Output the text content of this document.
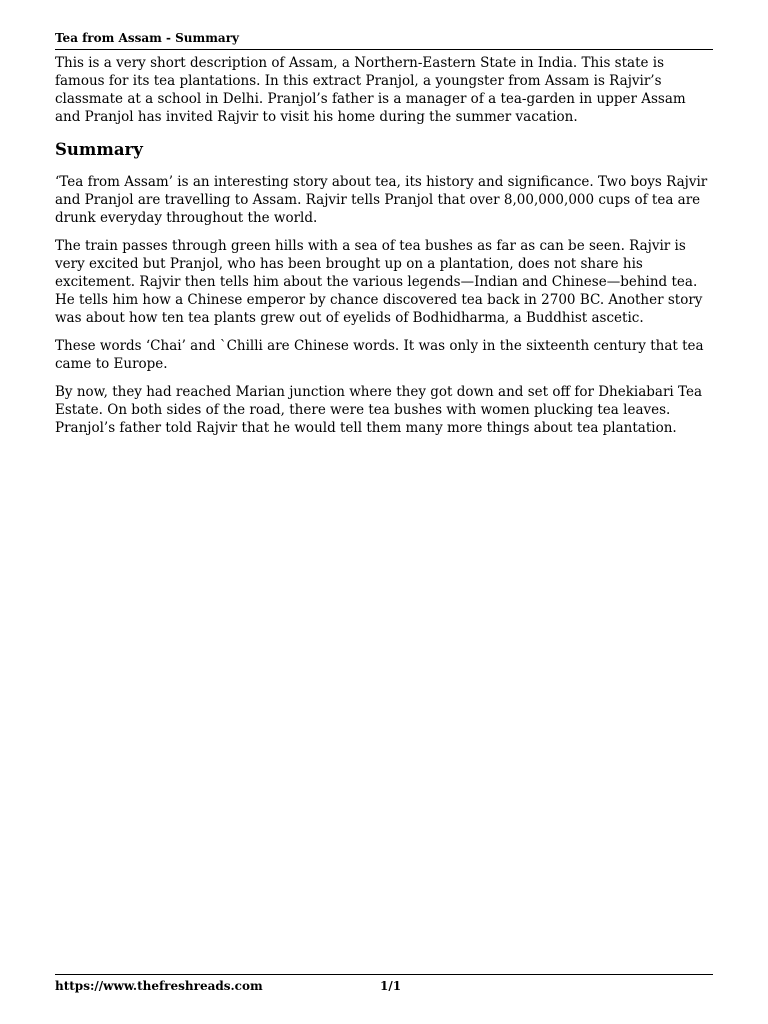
Tea from Assam - Summary

This is a very short description of Assam, a Northern-Eastern State in India. This state is famous for its tea plantations. In this extract Pranjol, a youngster from Assam is Rajvir’s classmate at a school in Delhi. Pranjol’s father is a manager of a tea-garden in upper Assam and Pranjol has invited Rajvir to visit his home during the summer vacation.

Summary

‘Tea from Assam’ is an interesting story about tea, its history and significance. Two boys Rajvir and Pranjol are travelling to Assam. Rajvir tells Pranjol that over 8,00,000,000 cups of tea are drunk everyday throughout the world.

The train passes through green hills with a sea of tea bushes as far as can be seen. Rajvir is very excited but Pranjol, who has been brought up on a plantation, does not share his excitement. Rajvir then tells him about the various legends—Indian and Chinese—behind tea. He tells him how a Chinese emperor by chance discovered tea back in 2700 BC. Another story was about how ten tea plants grew out of eyelids of Bodhidharma, a Buddhist ascetic.

These words ‘Chai’ and `Chilli are Chinese words. It was only in the sixteenth century that tea came to Europe.

By now, they had reached Marian junction where they got down and set off for Dhekiabari Tea Estate. On both sides of the road, there were tea bushes with women plucking tea leaves. Pranjol’s father told Rajvir that he would tell them many more things about tea plantation.

https://www.thefreshreads.com	1/1
